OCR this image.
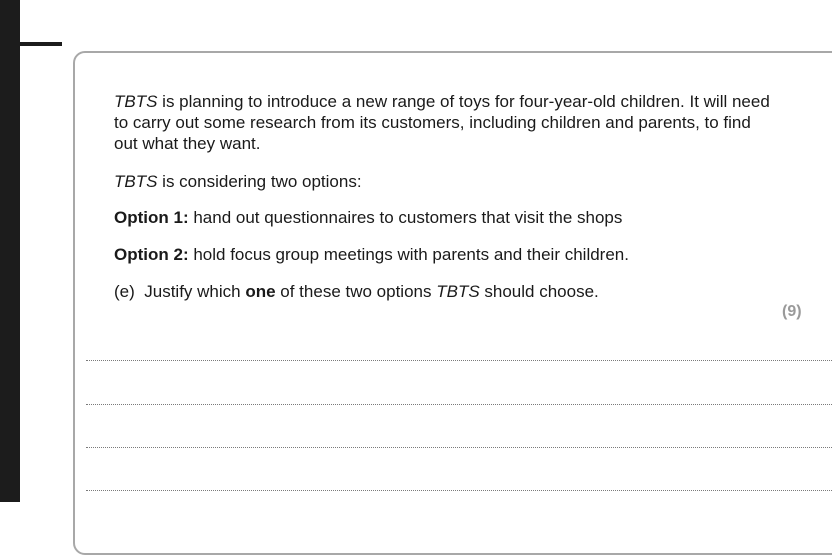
TBTS is planning to introduce a new range of toys for four-year-old children. It will need to carry out some research from its customers, including children and parents, to find out what they want.

TBTS is considering two options:

Option 1: hand out questionnaires to customers that visit the shops

Option 2: hold focus group meetings with parents and their children.

(e) Justify which one of these two options TBTS should choose.

(9)
